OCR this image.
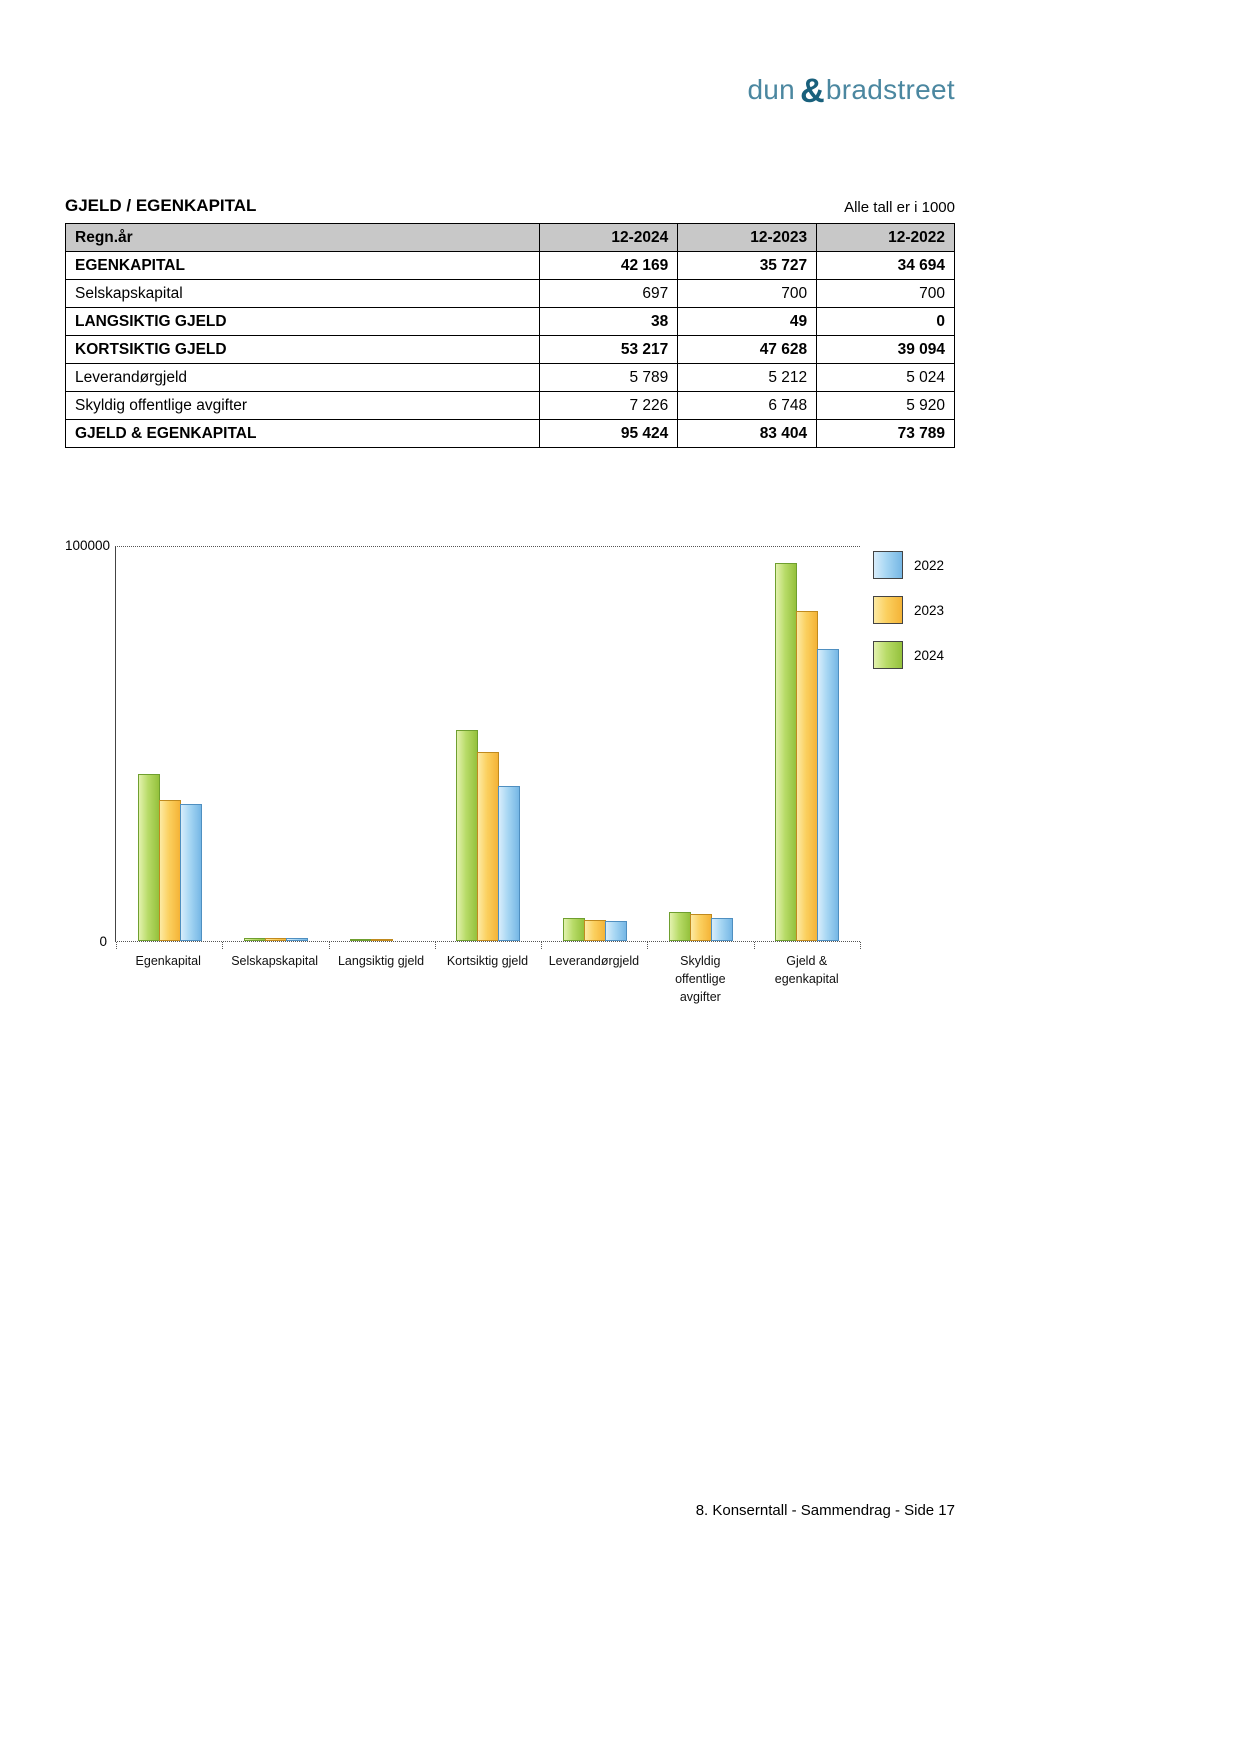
dun &bradstreet
GJELD / EGENKAPITAL	Alle tall er i 1000
Regn.år	12-2024	12-2023	12-2022
EGENKAPITAL	42 169	35 727	34 694
Selskapskapital	697	700	700
LANGSIKTIG GJELD	38	49	0
KORTSIKTIG GJELD	53 217	47 628	39 094
Leverandørgjeld	5 789	5 212	5 024
Skyldig offentlige avgifter	7 226	6 748	5 920
GJELD & EGENKAPITAL	95 424	83 404	73 789
100000
0
Egenkapital	Selskapskapital	Langsiktig gjeld	Kortsiktig gjeld	Leverandørgjeld	Skyldig offentlige avgifter
Gjeld & egenkapital
2022
2023
2024
8. Konserntall - Sammendrag - Side 17
